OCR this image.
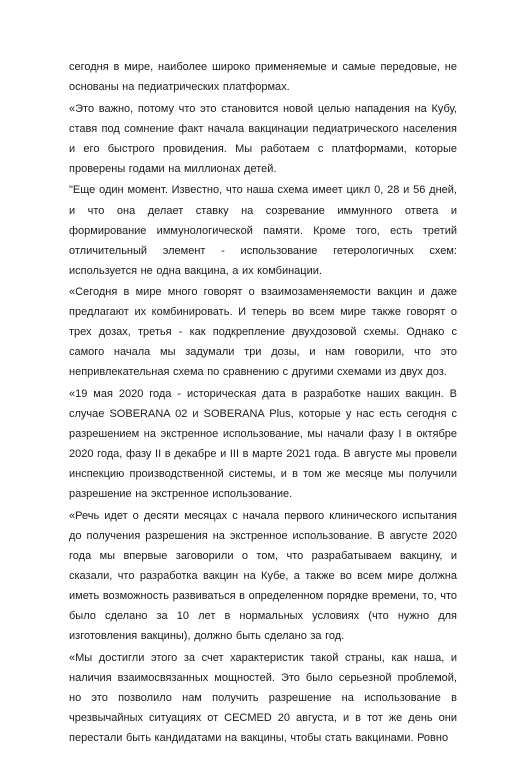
сегодня в мире, наиболее широко применяемые и самые передовые, не основаны на педиатрических платформах.

«Это важно, потому что это становится новой целью нападения на Кубу, ставя под сомнение факт начала вакцинации педиатрического населения и его быстрого провидения. Мы работаем с платформами, которые проверены годами на миллионах детей.

"Еще один момент. Известно, что наша схема имеет цикл 0, 28 и 56 дней, и что она делает ставку на созревание иммунного ответа и формирование иммунологической памяти. Кроме того, есть третий отличительный элемент - использование гетерологичных схем: используется не одна вакцина, а их комбинации.

«Сегодня в мире много говорят о взаимозаменяемости вакцин и даже предлагают их комбинировать. И теперь во всем мире также говорят о трех дозах, третья - как подкрепление двухдозовой схемы. Однако с самого начала мы задумали три дозы, и нам говорили, что это непривлекательная схема по сравнению с другими схемами из двух доз.

«19 мая 2020 года - историческая дата в разработке наших вакцин. В случае SOBERANA 02 и SOBERANA Plus, которые у нас есть сегодня с разрешением на экстренное использование, мы начали фазу I в октябре 2020 года, фазу II в декабре и III в марте 2021 года. В августе мы провели инспекцию производственной системы, и в том же месяце мы получили разрешение на экстренное использование.

«Речь идет о десяти месяцах с начала первого клинического испытания до получения разрешения на экстренное использование. В августе 2020 года мы впервые заговорили о том, что разрабатываем вакцину, и сказали, что разработка вакцин на Кубе, а также во всем мире должна иметь возможность развиваться в определенном порядке времени, то, что было сделано за 10 лет в нормальных условиях (что нужно для изготовления вакцины), должно быть сделано за год.

«Мы достигли этого за счет характеристик такой страны, как наша, и наличия взаимосвязанных мощностей. Это было серьезной проблемой, но это позволило нам получить разрешение на использование в чрезвычайных ситуациях от CECMED 20 августа, и в тот же день они перестали быть кандидатами на вакцины, чтобы стать вакцинами. Ровно
